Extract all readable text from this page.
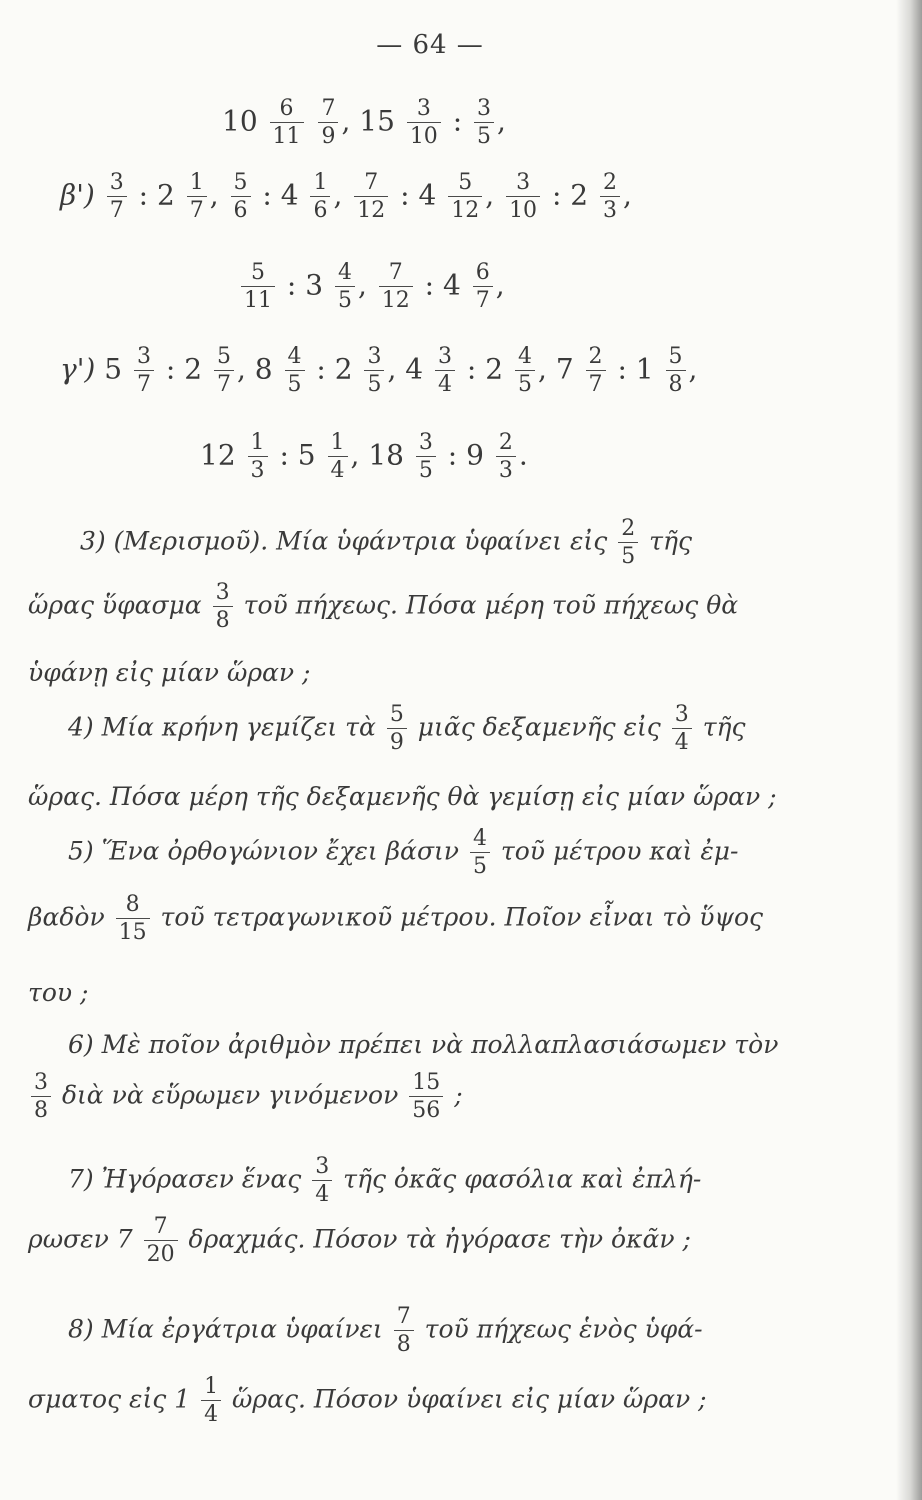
— 64 —
$10 \frac{6}{11}$
$\frac{7}{9}$ , $15 \frac{3}{10}$ : $\frac{3}{5}$ ,
$\beta') \frac{3}{7}$ : $2 \frac{1}{7}$ , $\frac{5}{6}$ : $4 \frac{1}{6}$ , $\frac{7}{12}$ : $4 \frac{5}{12}$ , $\frac{3}{10}$ : $2 \frac{2}{3}$ ,
$\frac{5}{11}$ : $3 \frac{4}{5}$ , $\frac{7}{12}$ : $4 \frac{6}{7}$ ,
γ') $5 \frac{3}{7}$ : $2 \frac{5}{7}$ , $8 \frac{4}{5}$ : $2 \frac{3}{5}$ , $4 \frac{3}{4}$ : $2 \frac{4}{5}$ , $7 \frac{2}{7}$ : $1 \frac{5}{8}$ ,
$12 \frac{1}{3}$ : $5 \frac{1}{4}$ , $18 \frac{3}{5}$ : $9 \frac{2}{3}$ .
3) (Μερισμοῦ). Μία ὑφάντρια ὑφαίνει εἰς $\frac{2}{5}$ τῆς
ὥρας ὕφασμα $\frac{3}{8}$ τοῦ πήχεως. Πόσα μέρη τοῦ πήχεως θὰ
ὑφάνῃ εἰς μίαν ὥραν ;
4) Μία κρήνη γεμίζει τὰ $\frac{5}{9}$ μιᾶς δεξαμενῆς εἰς $\frac{3}{4}$ τῆς
ὥρας. Πόσα μέρη τῆς δεξαμενῆς θὰ γεμίσῃ εἰς μίαν ὥραν ;
5) Ἕνα ὀρθογώνιον ἔχει βάσιν $\frac{4}{5}$ τοῦ μέτρου καὶ ἐμ-
βαδὸν $\frac{8}{15}$ τοῦ τετραγωνικοῦ μέτρου. Ποῖον εἶναι τὸ ὕψος
του ;
6) Μὲ ποῖον ἀριθμὸν πρέπει νὰ πολλαπλασιάσωμεν τὸν
$\frac{3}{8}$ διὰ νὰ εὕρωμεν γινόμενον $\frac{15}{56}$ ;
7) Ἠγόρασεν ἕνας $\frac{3}{4}$ τῆς ὀκᾶς φασόλια καὶ ἐπλή-
ρωσεν $7 \frac{7}{20} \delta\rho\alpha\chi\mu ά\varsigma$. Πόσον τὰ ἠγόρασε τὴν ὀκᾶν ;
8) Μία ἐργάτρια ὑφαίνει $\frac{7}{8}$ τοῦ πήχεως ἑνὸς ὑφά-
σματος εἰς $1 \frac{1}{4}$ ὥρας. Πόσον ὑφαίνει εἰς μίαν ὥραν ;
